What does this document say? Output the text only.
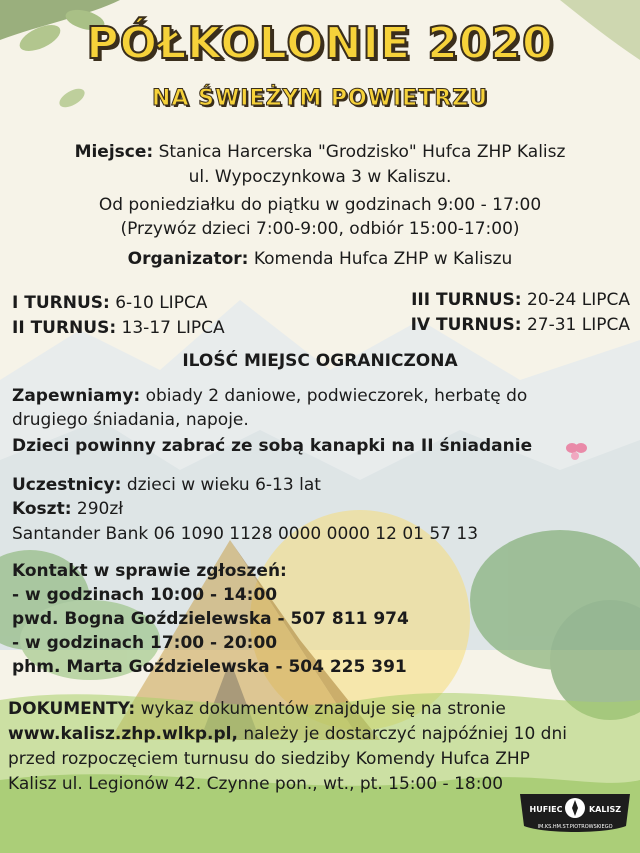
PÓŁKOLONIE 2020
NA ŚWIEŻYM POWIETRZU
Miejsce: Stanica Harcerska "Grodzisko" Hufca ZHP Kalisz
ul. Wypoczynkowa 3 w Kaliszu.
Od poniedziałku do piątku w godzinach 9:00 - 17:00
(Przywóz dzieci 7:00-9:00, odbiór 15:00-17:00)
Organizator: Komenda Hufca ZHP w Kaliszu
I TURNUS: 6-10 LIPCA
II TURNUS: 13-17 LIPCA
III TURNUS: 20-24 LIPCA
IV TURNUS: 27-31 LIPCA
ILOŚĆ MIEJSC OGRANICZONA
Zapewniamy: obiady 2 daniowe, podwieczorek, herbatę do
drugiego śniadania, napoje.
Dzieci powinny zabrać ze sobą kanapki na II śniadanie
Uczestnicy: dzieci w wieku 6-13 lat
Koszt: 290zł
Santander Bank 06 1090 1128 0000 0000 12 01 57 13
Kontakt w sprawie zgłoszeń:
- w godzinach 10:00 - 14:00
pwd. Bogna Goździelewska - 507 811 974
- w godzinach 17:00 - 20:00
phm. Marta Goździelewska - 504 225 391
DOKUMENTY: wykaz dokumentów znajduje się na stronie
www.kalisz.zhp.wlkp.pl, należy je dostarczyć najpóźniej 10 dni
przed rozpoczęciem turnusu do siedziby Komendy Hufca ZHP
Kalisz ul. Legionów 42. Czynne pon., wt., pt. 15:00 - 18:00
HUFIEC	KALISZ
IM.KS.HM.ST.PIOTROWSKIEGO
